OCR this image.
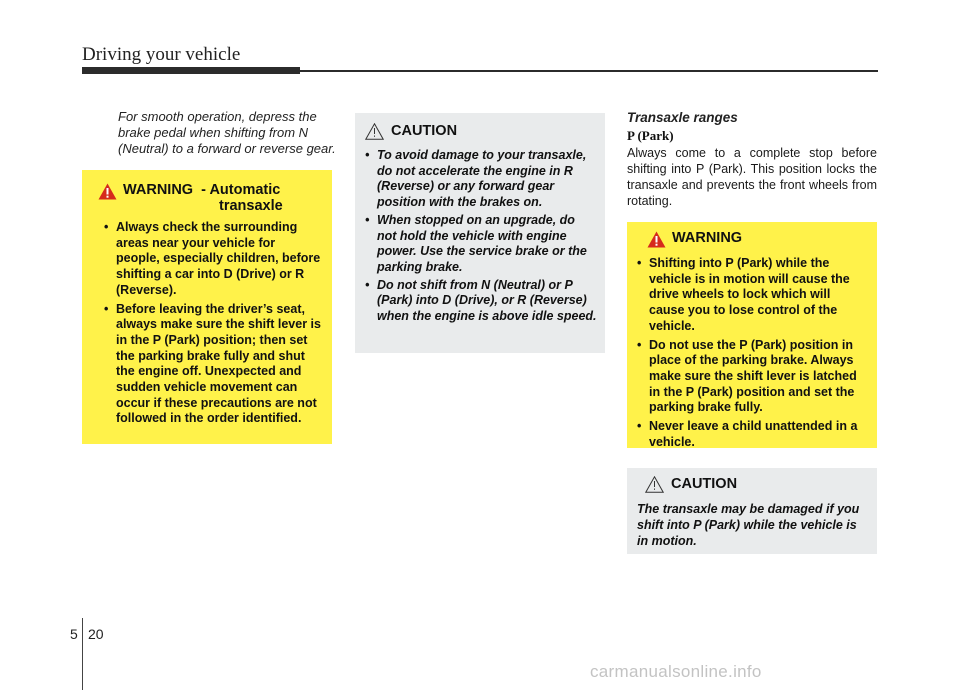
Driving your vehicle
For smooth operation, depress the brake pedal when shifting from N (Neutral) to a forward or reverse gear.
WARNING - Automatic
transaxle
• Always check the surrounding areas near your vehicle for people, especially children, before shifting a car into D (Drive) or R (Reverse).
• Before leaving the driver’s seat, always make sure the shift lever is in the P (Park) position; then set the parking brake fully and shut the engine off. Unexpected and sudden vehicle movement can occur if these precautions are not followed in the order identified.
CAUTION
• To avoid damage to your transaxle, do not accelerate the engine in R (Reverse) or any forward gear position with the brakes on.
• When stopped on an upgrade, do not hold the vehicle with engine power. Use the service brake or the parking brake.
• Do not shift from N (Neutral) or P (Park) into D (Drive), or R (Reverse) when the engine is above idle speed.
Transaxle ranges
P (Park)
Always come to a complete stop before shifting into P (Park). This position locks the transaxle and prevents the front wheels from rotating.
WARNING
• Shifting into P (Park) while the vehicle is in motion will cause the drive wheels to lock which will cause you to lose control of the vehicle.
• Do not use the P (Park) position in place of the parking brake. Always make sure the shift lever is latched in the P (Park) position and set the parking brake fully.
• Never leave a child unattended in a vehicle.
CAUTION
The transaxle may be damaged if you shift into P (Park) while the vehicle is in motion.
5 20
carmanualsonline.info
